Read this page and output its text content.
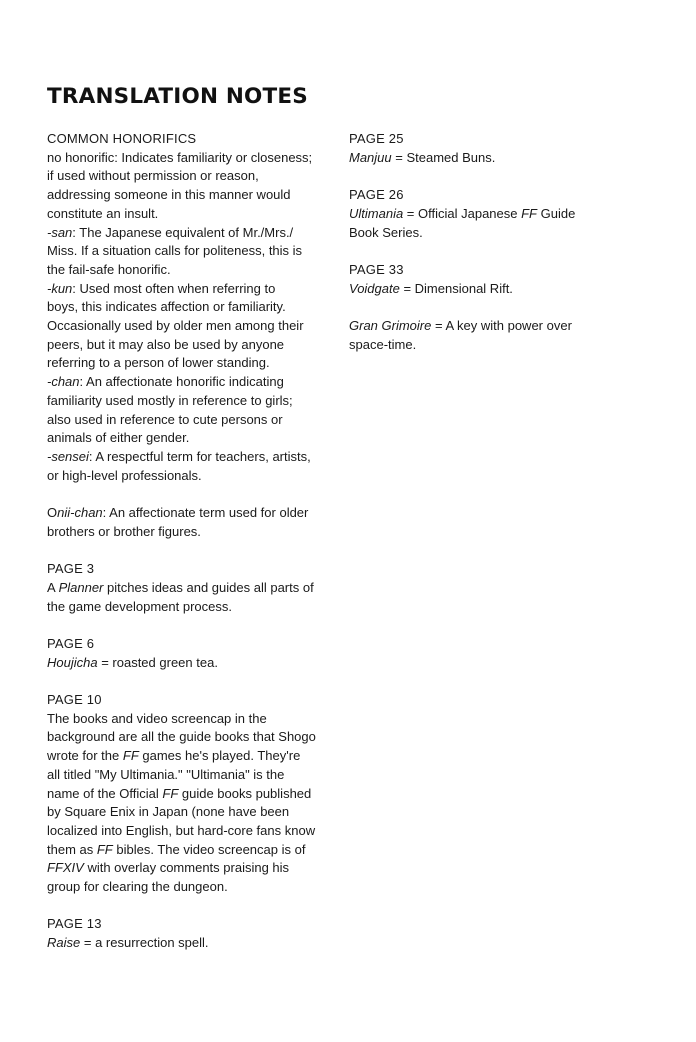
TRANSLATION NOTES
COMMON HONORIFICS
no honorific: Indicates familiarity or closeness;
if used without permission or reason,
addressing someone in this manner would
constitute an insult.
-san: The Japanese equivalent of Mr./Mrs./
Miss. If a situation calls for politeness, this is
the fail-safe honorific.
-kun: Used most often when referring to
boys, this indicates affection or familiarity.
Occasionally used by older men among their
peers, but it may also be used by anyone
referring to a person of lower standing.
-chan: An affectionate honorific indicating
familiarity used mostly in reference to girls;
also used in reference to cute persons or
animals of either gender.
-sensei: A respectful term for teachers, artists,
or high-level professionals.
Onii-chan: An affectionate term used for older
brothers or brother figures.
PAGE 3
A Planner pitches ideas and guides all parts of
the game development process.
PAGE 6
Houjicha = roasted green tea.
PAGE 10
The books and video screencap in the
background are all the guide books that Shogo
wrote for the FF games he's played. They're
all titled "My Ultimania." "Ultimania" is the
name of the Official FF guide books published
by Square Enix in Japan (none have been
localized into English, but hard-core fans know
them as FF bibles. The video screencap is of
FFXIV with overlay comments praising his
group for clearing the dungeon.
PAGE 13
Raise = a resurrection spell.
PAGE 25
Manjuu = Steamed Buns.
PAGE 26
Ultimania = Official Japanese FF Guide
Book Series.
PAGE 33
Voidgate = Dimensional Rift.
Gran Grimoire = A key with power over
space-time.
